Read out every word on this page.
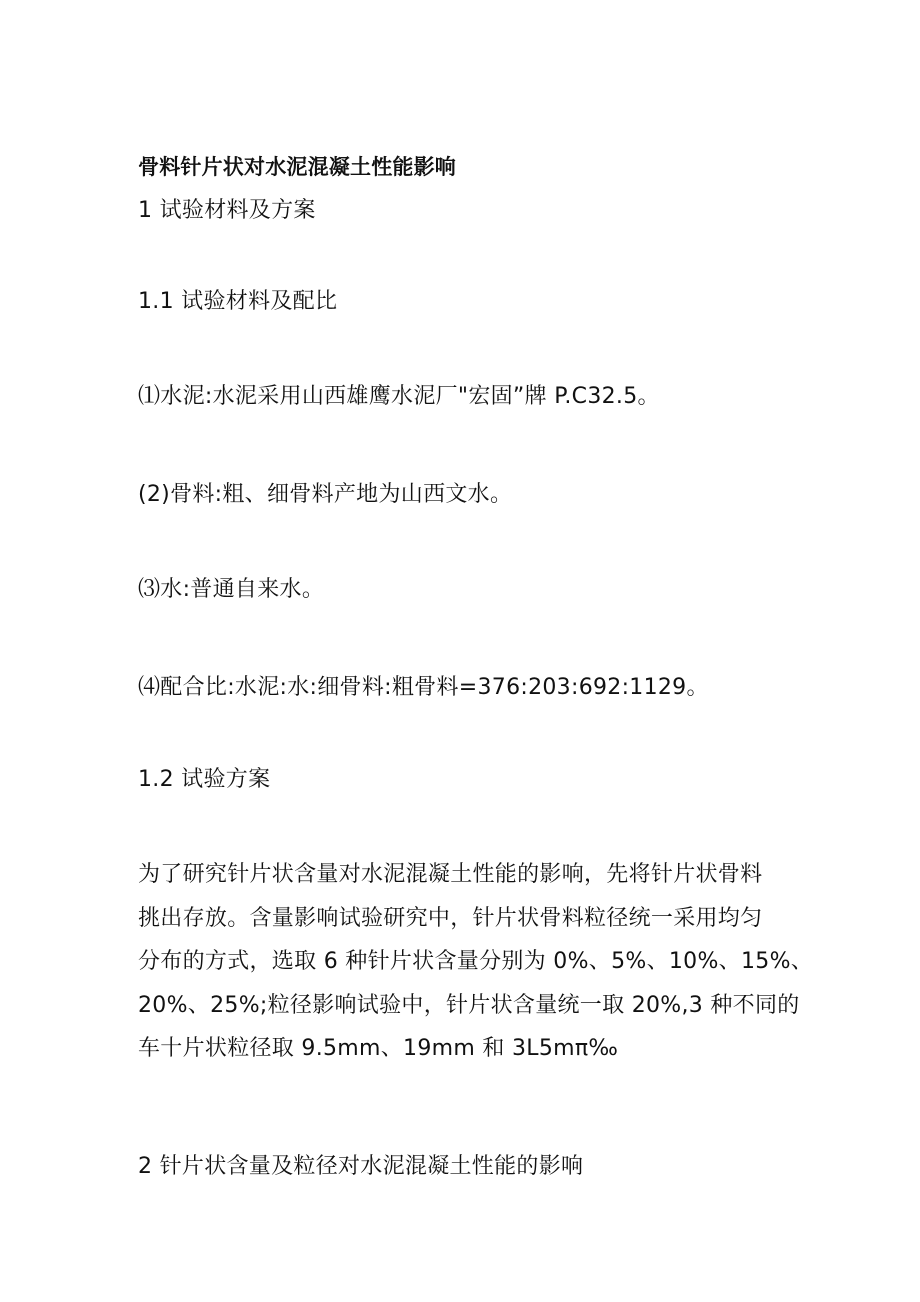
骨料针片状对水泥混凝土性能影响
1 试验材料及方案
1.1 试验材料及配比
⑴水泥:水泥采用山西雄鹰水泥厂"宏固”牌 P.C32.5。
(2)骨料:粗、细骨料产地为山西文水。
⑶水:普通自来水。
⑷配合比:水泥:水:细骨料:粗骨料=376:203:692:1129。
1.2 试验方案
为了研究针片状含量对水泥混凝土性能的影响，先将针片状骨料
挑出存放。含量影响试验研究中，针片状骨料粒径统一采用均匀
分布的方式，选取 6 种针片状含量分别为 0%、5%、10%、15%、
20%、25%;粒径影响试验中，针片状含量统一取 20%,3 种不同的
车十片状粒径取 9.5mm、19mm 和 3L5mπ‰
2 针片状含量及粒径对水泥混凝土性能的影响
